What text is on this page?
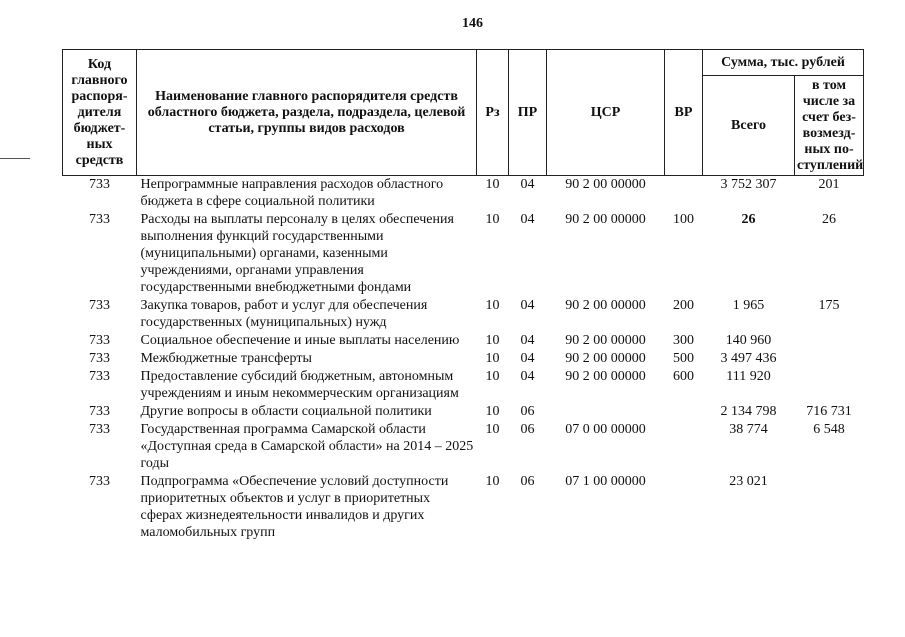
146
Код главного распоря-дителя бюджет-ных средств	Наименование главного распорядителя средств областного бюджета, раздела, подраздела, целевой статьи, группы видов расходов	Рз	ПР	ЦСР	ВР	Сумма, тыс. рублей	
						Всего	в том числе за счет без-возмезд-ных по-ступлений
733	Непрограммные направления расходов областного бюджета в сфере социальной политики	10	04	90 2 00 00000		3 752 307	201
733	Расходы на выплаты персоналу в целях обеспечения выполнения функций государственными (муниципальными) органами, казенными учреждениями, органами управления государственными внебюджетными фондами	10	04	90 2 00 00000	100	26	26
733	Закупка товаров, работ и услуг для обеспечения государственных (муниципальных) нужд	10	04	90 2 00 00000	200	1 965	175
733	Социальное обеспечение и иные выплаты населению	10	04	90 2 00 00000	300	140 960	
733	Межбюджетные трансферты	10	04	90 2 00 00000	500	3 497 436	
733	Предоставление субсидий бюджетным, автономным учреждениям и иным некоммерческим организациям	10	04	90 2 00 00000	600	111 920	
733	Другие вопросы в области социальной политики	10	06			2 134 798	716 731
733	Государственная программа Самарской области «Доступная среда в Самарской области» на 2014 – 2025 годы	10	06	07 0 00 00000		38 774	6 548
733	Подпрограмма «Обеспечение условий доступности приоритетных объектов и услуг в приоритетных сферах жизнедеятельности инвалидов и других маломобильных групп	10	06	07 1 00 00000		23 021	
